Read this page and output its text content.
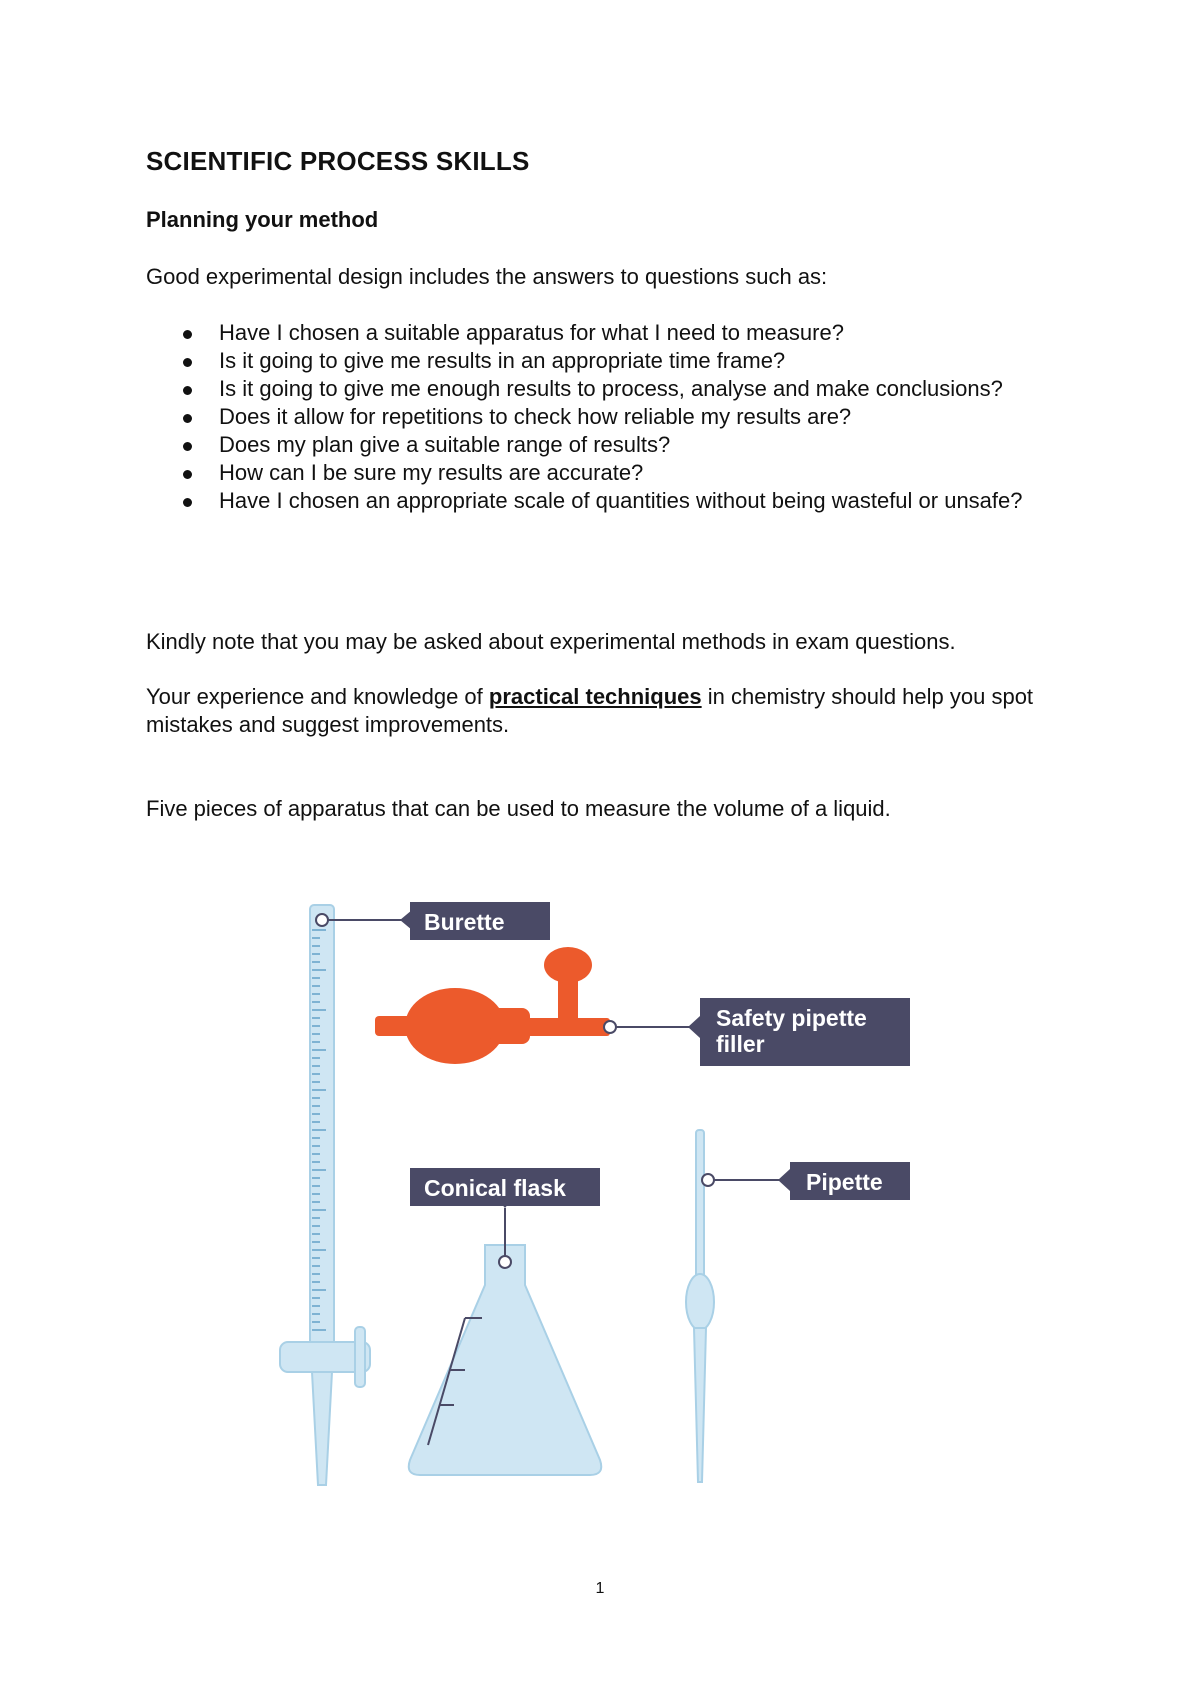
SCIENTIFIC PROCESS SKILLS
Planning your method

Good experimental design includes the answers to questions such as:

Have I chosen a suitable apparatus for what I need to measure?
Is it going to give me results in an appropriate time frame?
Is it going to give me enough results to process, analyse and make conclusions?
Does it allow for repetitions to check how reliable my results are?
Does my plan give a suitable range of results?
How can I be sure my results are accurate?
Have I chosen an appropriate scale of quantities without being wasteful or unsafe?

Kindly note that you may be asked about experimental methods in exam questions.

Your experience and knowledge of practical techniques in chemistry should help you spot mistakes and suggest improvements.

Five pieces of apparatus that can be used to measure the volume of a liquid.

Burette
Safety pipette
filler
Conical flask	Pipette

1
